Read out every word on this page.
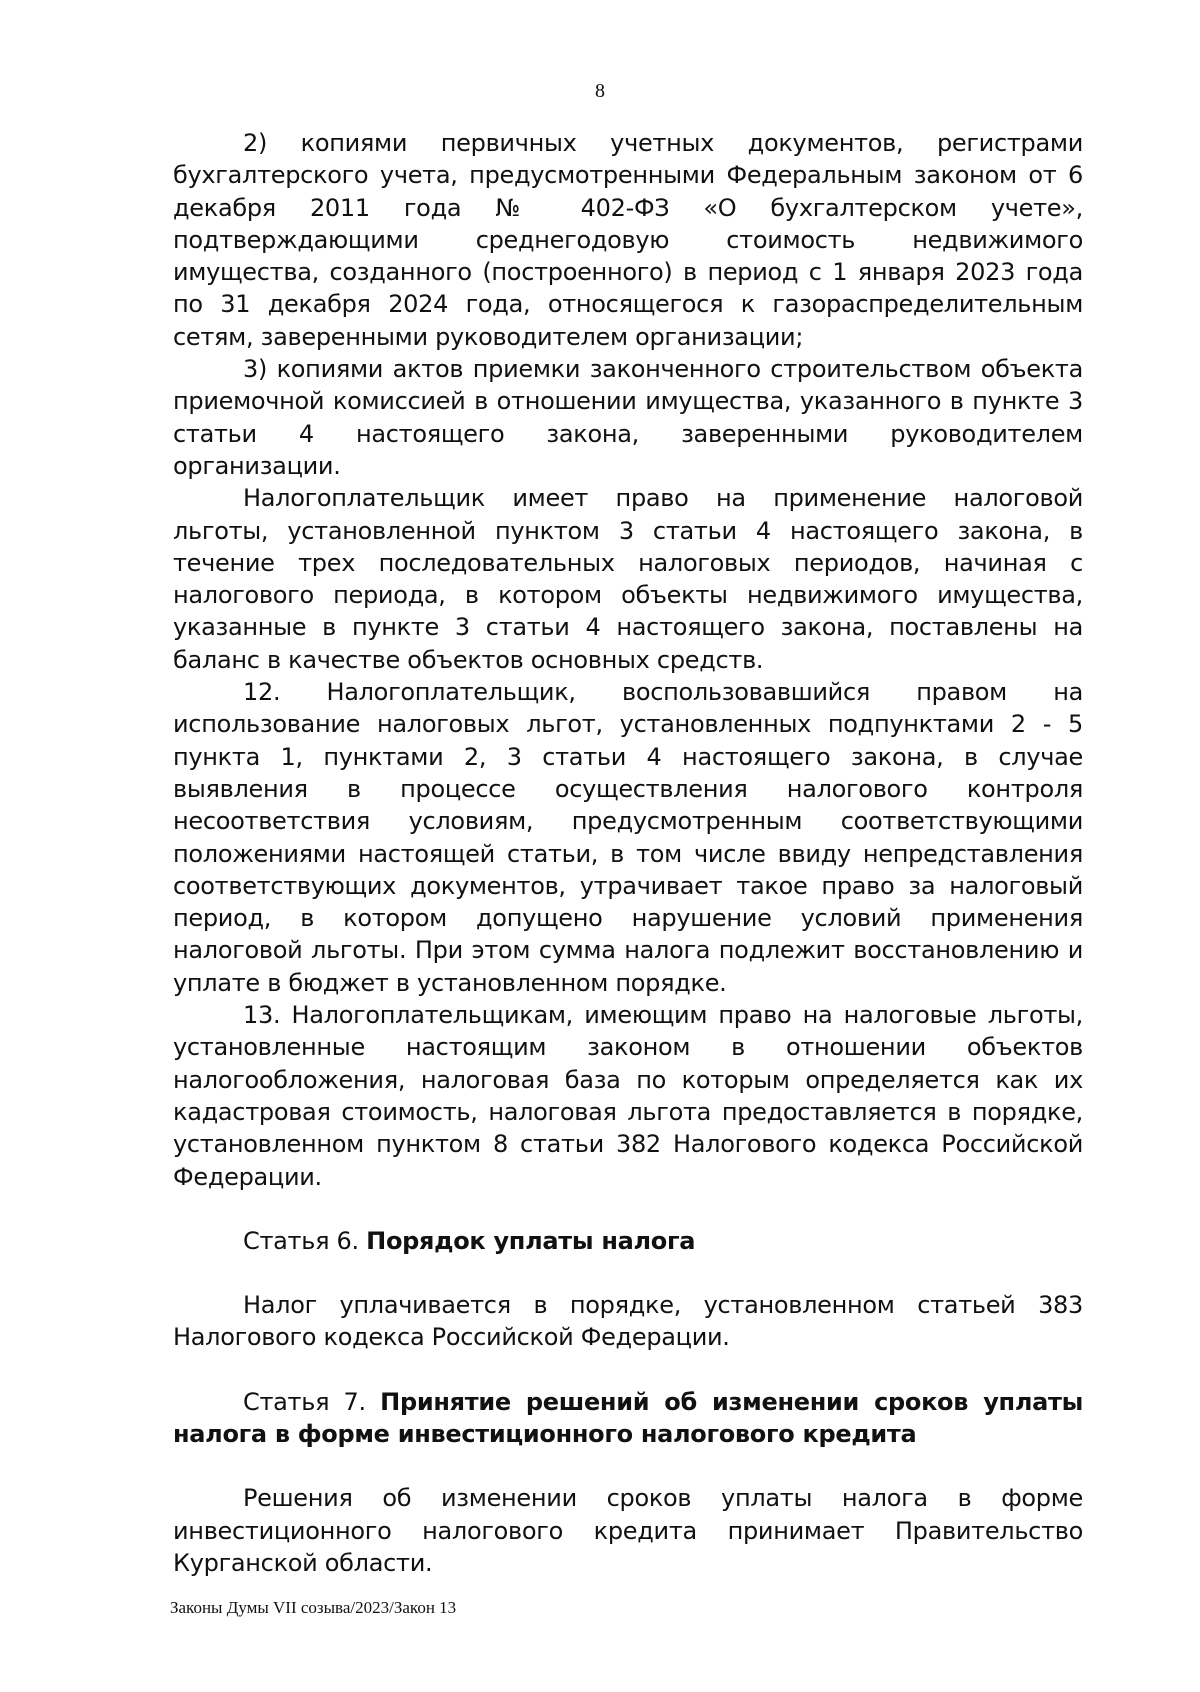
8

2) копиями первичных учетных документов, регистрами бухгалтерского учета, предусмотренными Федеральным законом от 6 декабря 2011 года № 402-ФЗ «О бухгалтерском учете», подтверждающими среднегодовую стоимость недвижимого имущества, созданного (построенного) в период с 1 января 2023 года по 31 декабря 2024 года, относящегося к газораспределительным сетям, заверенными руководителем организации;

3) копиями актов приемки законченного строительством объекта приемочной комиссией в отношении имущества, указанного в пункте 3 статьи 4 настоящего закона, заверенными руководителем организации.

Налогоплательщик имеет право на применение налоговой льготы, установленной пунктом 3 статьи 4 настоящего закона, в течение трех последовательных налоговых периодов, начиная с налогового периода, в котором объекты недвижимого имущества, указанные в пункте 3 статьи 4 настоящего закона, поставлены на баланс в качестве объектов основных средств.

12. Налогоплательщик, воспользовавшийся правом на использование налоговых льгот, установленных подпунктами 2 - 5 пункта 1, пунктами 2, 3 статьи 4 настоящего закона, в случае выявления в процессе осуществления налогового контроля несоответствия условиям, предусмотренным соответствующими положениями настоящей статьи, в том числе ввиду непредставления соответствующих документов, утрачивает такое право за налоговый период, в котором допущено нарушение условий применения налоговой льготы. При этом сумма налога подлежит восстановлению и уплате в бюджет в установленном порядке.

13. Налогоплательщикам, имеющим право на налоговые льготы, установленные настоящим законом в отношении объектов налогообложения, налоговая база по которым определяется как их кадастровая стоимость, налоговая льгота предоставляется в порядке, установленном пунктом 8 статьи 382 Налогового кодекса Российской Федерации.

Статья 6. Порядок уплаты налога

Налог уплачивается в порядке, установленном статьей 383 Налогового кодекса Российской Федерации.

Статья 7. Принятие решений об изменении сроков уплаты налога в форме инвестиционного налогового кредита

Решения об изменении сроков уплаты налога в форме инвестиционного налогового кредита принимает Правительство Курганской области.

Законы Думы VII созыва/2023/Закон 13
